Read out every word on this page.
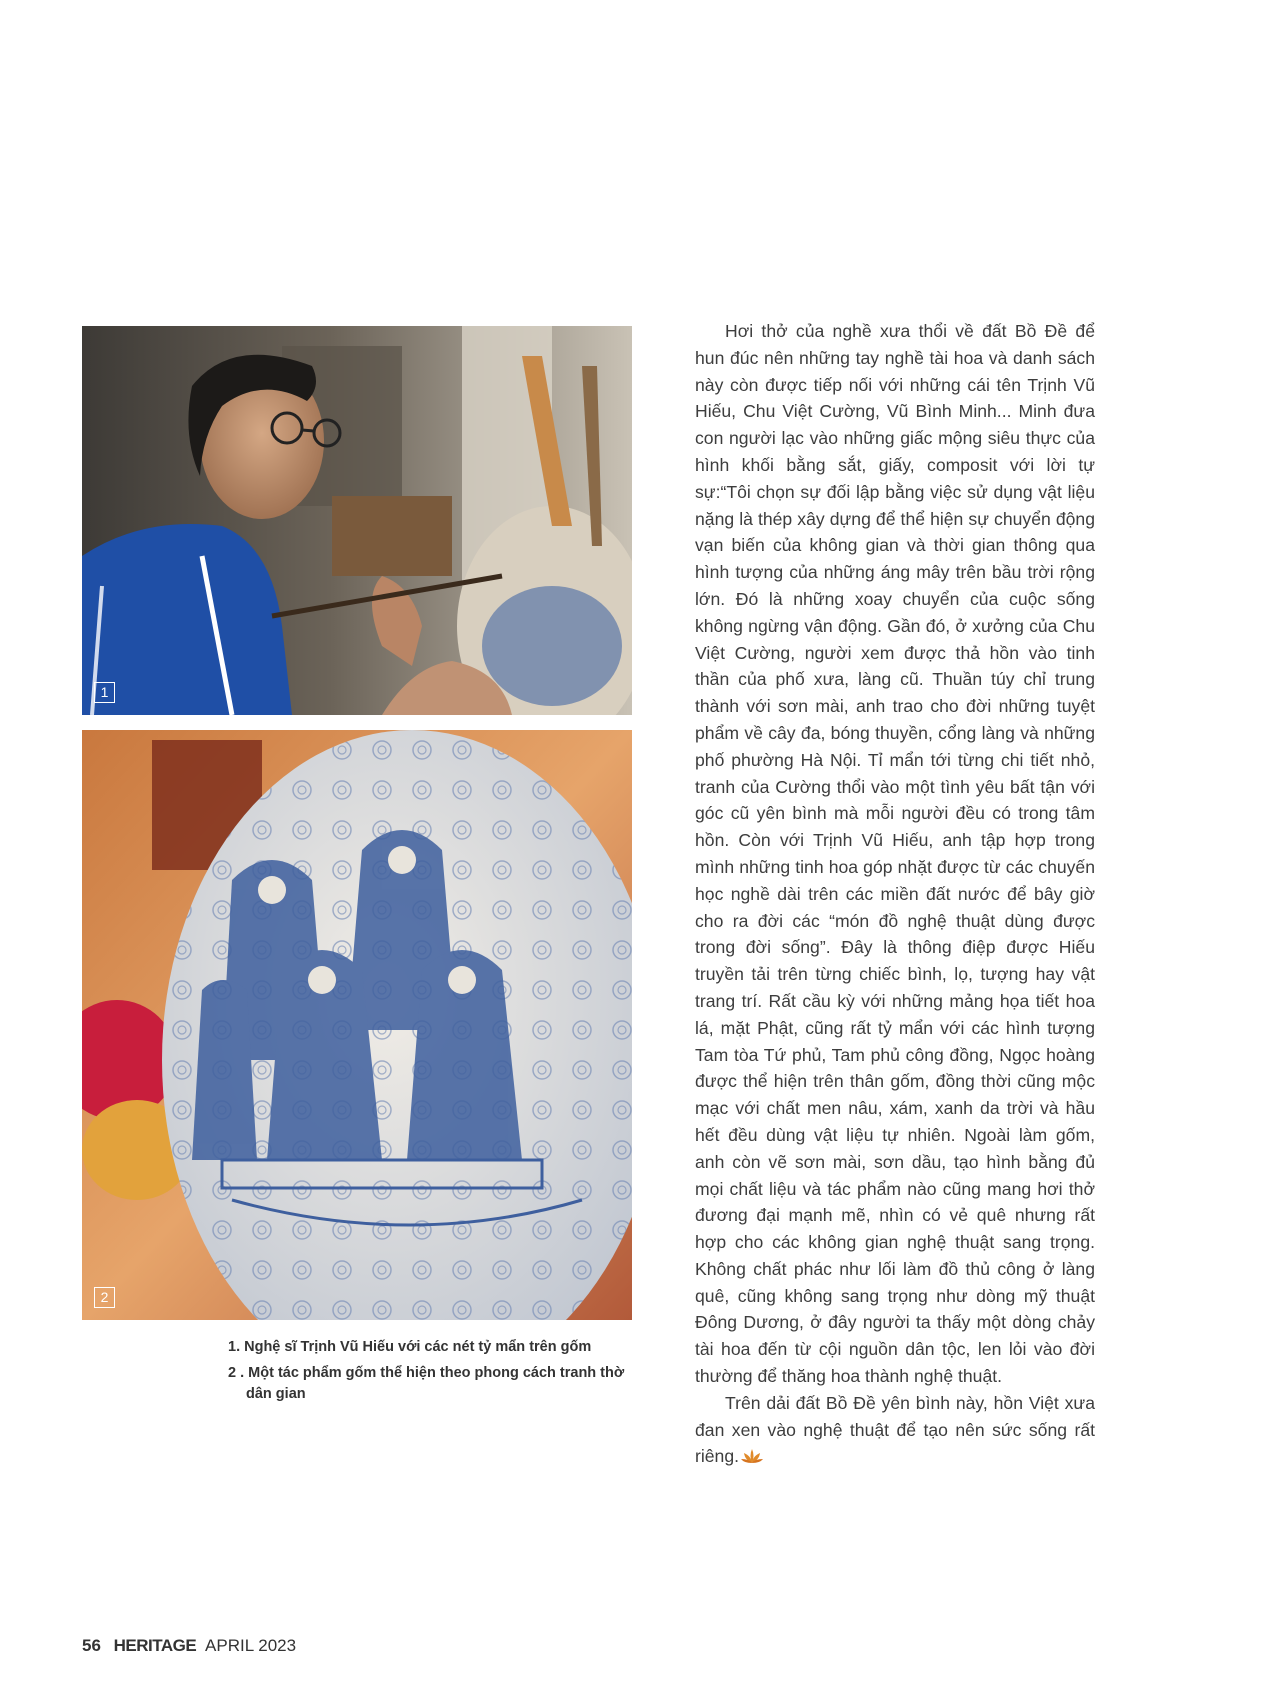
1
2
1. Nghệ sĩ Trịnh Vũ Hiếu với các nét tỷ mẩn trên gốm
2 . Một tác phẩm gốm thể hiện theo phong cách tranh thờ dân gian

Hơi thở của nghề xưa thổi về đất Bồ Đề để hun đúc nên những tay nghề tài hoa và danh sách này còn được tiếp nối với những cái tên Trịnh Vũ Hiếu, Chu Việt Cường, Vũ Bình Minh... Minh đưa con người lạc vào những giấc mộng siêu thực của hình khối bằng sắt, giấy, composit với lời tự sự:“Tôi chọn sự đối lập bằng việc sử dụng vật liệu nặng là thép xây dựng để thể hiện sự chuyển động vạn biến của không gian và thời gian thông qua hình tượng của những áng mây trên bầu trời rộng lớn. Đó là những xoay chuyển của cuộc sống không ngừng vận động. Gần đó, ở xưởng của Chu Việt Cường, người xem được thả hồn vào tinh thần của phố xưa, làng cũ. Thuần túy chỉ trung thành với sơn mài, anh trao cho đời những tuyệt phẩm về cây đa, bóng thuyền, cổng làng và những phố phường Hà Nội. Tỉ mẩn tới từng chi tiết nhỏ, tranh của Cường thổi vào một tình yêu bất tận với góc cũ yên bình mà mỗi người đều có trong tâm hồn. Còn với Trịnh Vũ Hiếu, anh tập hợp trong mình những tinh hoa góp nhặt được từ các chuyến học nghề dài trên các miền đất nước để bây giờ cho ra đời các “món đồ nghệ thuật dùng được trong đời sống”. Đây là thông điệp được Hiếu truyền tải trên từng chiếc bình, lọ, tượng hay vật trang trí. Rất cầu kỳ với những mảng họa tiết hoa lá, mặt Phật, cũng rất tỷ mẩn với các hình tượng Tam tòa Tứ phủ, Tam phủ công đồng, Ngọc hoàng được thể hiện trên thân gốm, đồng thời cũng mộc mạc với chất men nâu, xám, xanh da trời và hầu hết đều dùng vật liệu tự nhiên. Ngoài làm gốm, anh còn vẽ sơn mài, sơn dầu, tạo hình bằng đủ mọi chất liệu và tác phẩm nào cũng mang hơi thở đương đại mạnh mẽ, nhìn có vẻ quê nhưng rất hợp cho các không gian nghệ thuật sang trọng. Không chất phác như lối làm đồ thủ công ở làng quê, cũng không sang trọng như dòng mỹ thuật Đông Dương, ở đây người ta thấy một dòng chảy tài hoa đến từ cội nguồn dân tộc, len lỏi vào đời thường để thăng hoa thành nghệ thuật.

Trên dải đất Bồ Đề yên bình này, hồn Việt xưa đan xen vào nghệ thuật để tạo nên sức sống rất riêng.

56 HERITAGE APRIL 2023
